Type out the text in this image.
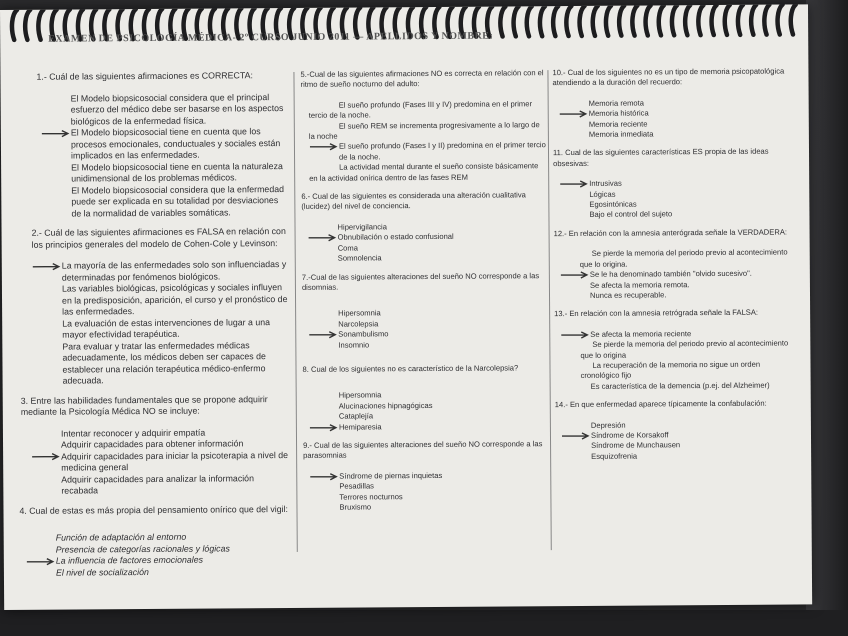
EXAMEN DE PSICOLOGÍA MÉDICA- 2º CURSO JUNIO 2011 — APELLIDOS Y NOMBRE:
1.- Cuál de las siguientes afirmaciones es CORRECTA:
El Modelo biopsicosocial considera que el principal esfuerzo del médico debe ser basarse en los aspectos biológicos de la enfermedad física.
El Modelo biopsicosocial tiene en cuenta que los procesos emocionales, conductuales y sociales están implicados en las enfermedades.
El Modelo biopsicosocial tiene en cuenta la naturaleza unidimensional de los problemas médicos.
El Modelo biopsicosocial considera que la enfermedad puede ser explicada en su totalidad por desviaciones de la normalidad de variables somáticas.
2.- Cuál de las siguientes afirmaciones es FALSA en relación con los principios generales del modelo de Cohen-Cole y Levinson:
La mayoría de las enfermedades solo son influenciadas y determinadas por fenómenos biológicos.
Las variables biológicas, psicológicas y sociales influyen en la predisposición, aparición, el curso y el pronóstico de las enfermedades.
La evaluación de estas intervenciones de lugar a una mayor efectividad terapéutica.
Para evaluar y tratar las enfermedades médicas adecuadamente, los médicos deben ser capaces de establecer una relación terapéutica médico-enfermo adecuada.
3. Entre las habilidades fundamentales que se propone adquirir mediante la Psicología Médica NO se incluye:
Intentar reconocer y adquirir empatía
Adquirir capacidades para obtener información
Adquirir capacidades para iniciar la psicoterapia a nivel de medicina general
Adquirir capacidades para analizar la información recabada
4. Cual de estas es más propia del pensamiento onírico que del vigil:
Función de adaptación al entorno
Presencia de categorías racionales y lógicas
La influencia de factores emocionales
El nivel de socialización
5.-Cual de las siguientes afirmaciones NO es correcta en relación con el ritmo de sueño nocturno del adulto:
El sueño profundo (Fases III y IV) predomina en el primer tercio de la noche.
El sueño REM se incrementa progresivamente a lo largo de la noche
El sueño profundo (Fases I y II) predomina en el primer tercio de la noche.
La actividad mental durante el sueño consiste básicamente en la actividad onírica dentro de las fases REM
6.- Cual de las siguientes es considerada una alteración cualitativa (lucidez) del nivel de conciencia.
Hipervigilancia
Obnubilación o estado confusional
Coma
Somnolencia
7.-Cual de las siguientes alteraciones del sueño NO corresponde a las disomnias.
Hipersomnia
Narcolepsia
Sonambulismo
Insomnio
8. Cual de los siguientes no es característico de la Narcolepsia?
Hipersomnia
Alucinaciones hipnagógicas
Cataplejía
Hemiparesia
9.- Cual de las siguientes alteraciones del sueño NO corresponde a las parasomnias
Síndrome de piernas inquietas
Pesadillas
Terrores nocturnos
Bruxismo
10.- Cual de los siguientes no es un tipo de memoria psicopatológica atendiendo a la duración del recuerdo:
Memoria remota
Memoria histórica
Memoria reciente
Memoria inmediata
11. Cual de las siguientes características ES propia de las ideas obsesivas:
Intrusivas
Lógicas
Egosintónicas
Bajo el control del sujeto
12.- En relación con la amnesia anterógrada señale la VERDADERA:
Se pierde la memoria del periodo previo al acontecimiento que lo origina.
Se le ha denominado también "olvido sucesivo".
Se afecta la memoria remota.
Nunca es recuperable.
13.- En relación con la amnesia retrógrada señale la FALSA:
Se afecta la memoria reciente
Se pierde la memoria del periodo previo al acontecimiento que lo origina
La recuperación de la memoria no sigue un orden cronológico fijo
Es característica de la demencia (p.ej. del Alzheimer)
14.- En que enfermedad aparece típicamente la confabulación:
Depresión
Síndrome de Korsakoff
Síndrome de Munchausen
Esquizofrenia
